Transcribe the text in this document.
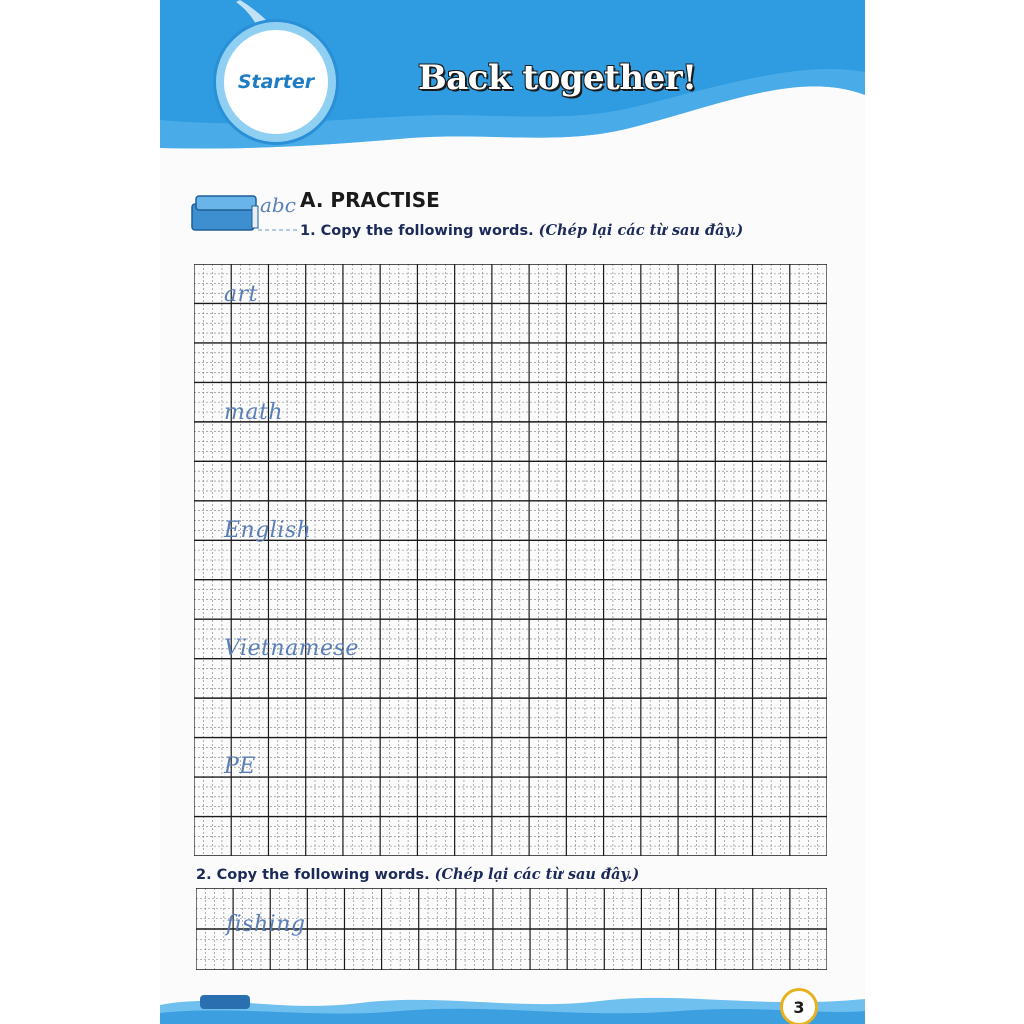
Starter	Back together!
abc A. PRACTISE
1. Copy the following words. (Chép lại các từ sau đây.)
art
math
English
Vietnamese
PE
2. Copy the following words. (Chép lại các từ sau đây.)
fishing
3
